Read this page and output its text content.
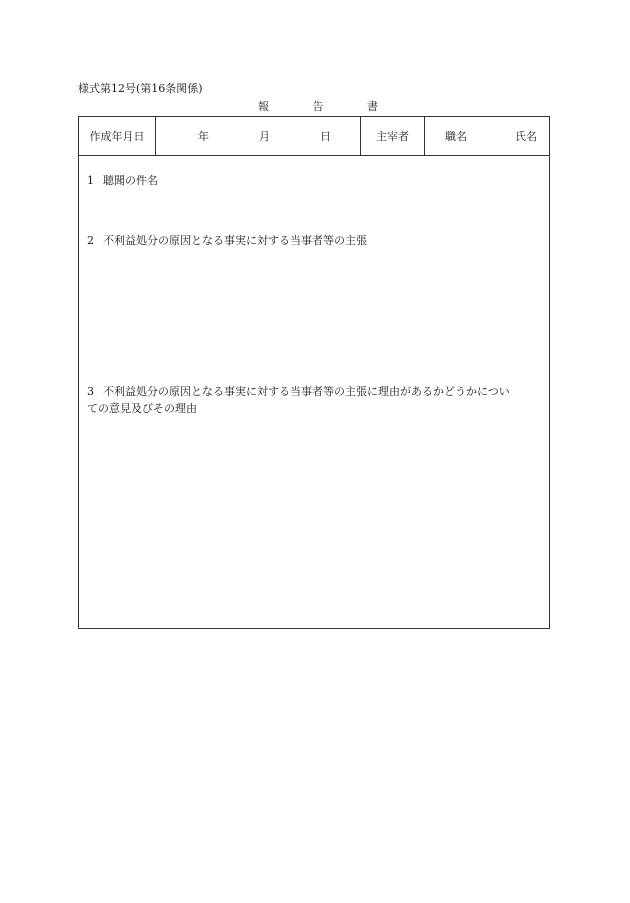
様式第12号(第16条関係)
報	告	書
作成年月日	年	月	日	主宰者	職名	氏名
1 聴聞の件名
2 不利益処分の原因となる事実に対する当事者等の主張
3 不利益処分の原因となる事実に対する当事者等の主張に理由があるかどうかについ
ての意見及びその理由
